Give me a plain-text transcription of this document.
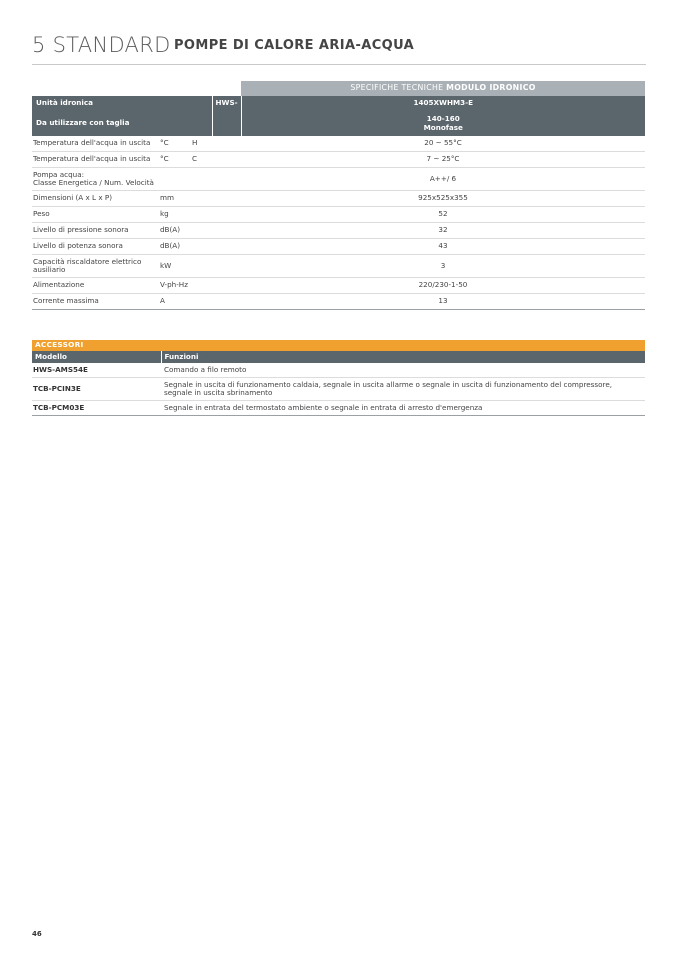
5 STANDARD POMPE DI CALORE ARIA-ACQUA
				SPECIFICHE TECNICHE MODULO IDRONICO
Unità idronica			HWS-	1405XWHM3-E
Da utilizzare con taglia				140-160
Monofase

Temperatura dell'acqua in uscita	°C	H		20 ~ 55°C
Temperatura dell'acqua in uscita	°C	C		7 ~ 25°C

Pompa acqua:
Classe Energetica / Num. Velocità				A++/ 6
Dimensioni (A x L x P)	mm			925x525x355
Peso	kg			52
Livello di pressione sonora	dB(A)			32
Livello di potenza sonora	dB(A)			43

Capacità riscaldatore elettrico
ausiliario	kW			3
Alimentazione	V-ph-Hz			220/230-1-50
Corrente massima	A			13
ACCESSORI	
Modello	Funzioni
HWS-AMS54E	Comando a filo remoto
TCB-PCIN3E	Segnale in uscita di funzionamento caldaia, segnale in uscita allarme o segnale in uscita di funzionamento del compressore,
segnale in uscita sbrinamento

TCB-PCM03E	Segnale in entrata del termostato ambiente o segnale in entrata di arresto d'emergenza
46
